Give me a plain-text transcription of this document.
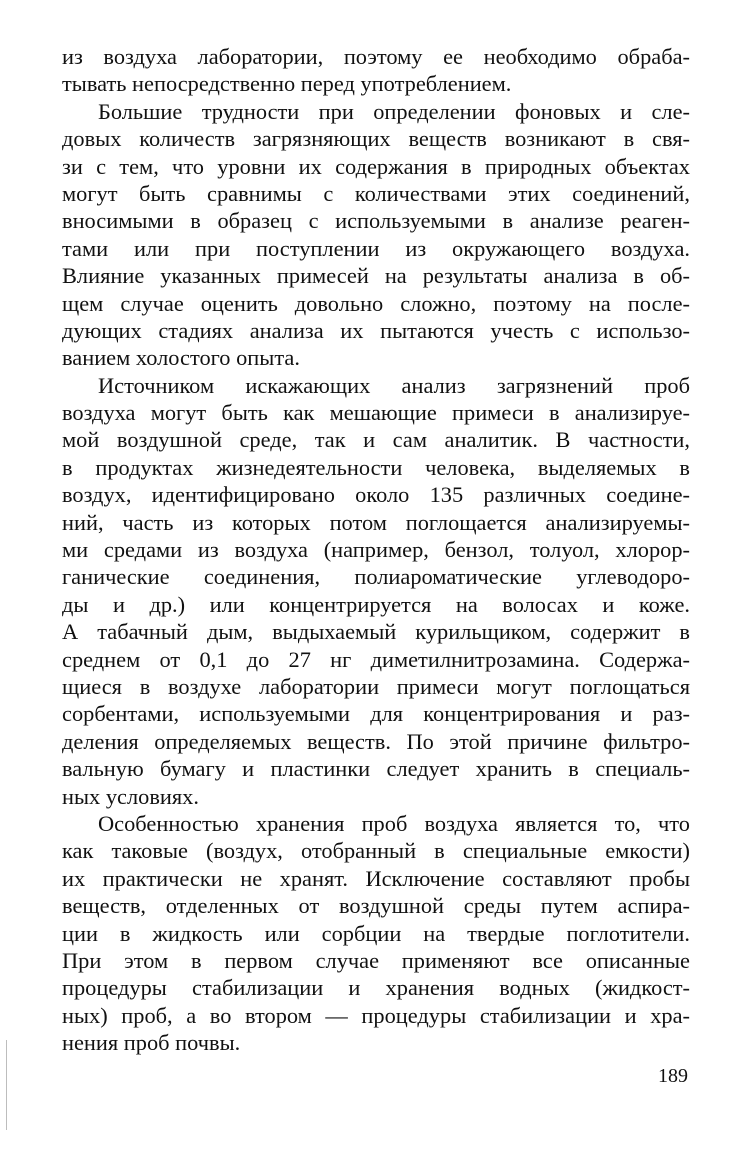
из воздуха лаборатории, поэтому ее необходимо обраба-
тывать непосредственно перед употреблением.
Большие трудности при определении фоновых и сле-
довых количеств загрязняющих веществ возникают в свя-
зи с тем, что уровни их содержания в природных объектах
могут быть сравнимы с количествами этих соединений,
вносимыми в образец с используемыми в анализе реаген-
тами или при поступлении из окружающего воздуха.
Влияние указанных примесей на результаты анализа в об-
щем случае оценить довольно сложно, поэтому на после-
дующих стадиях анализа их пытаются учесть с использо-
ванием холостого опыта.
Источником искажающих анализ загрязнений проб
воздуха могут быть как мешающие примеси в анализируе-
мой воздушной среде, так и сам аналитик. В частности,
в продуктах жизнедеятельности человека, выделяемых в
воздух, идентифицировано около 135 различных соедине-
ний, часть из которых потом поглощается анализируемы-
ми средами из воздуха (например, бензол, толуол, хлорор-
ганические соединения, полиароматические углеводоро-
ды и др.) или концентрируется на волосах и коже.
А табачный дым, выдыхаемый курильщиком, содержит в
среднем от 0,1 до 27 нг диметилнитрозамина. Содержа-
щиеся в воздухе лаборатории примеси могут поглощаться
сорбентами, используемыми для концентрирования и раз-
деления определяемых веществ. По этой причине фильтро-
вальную бумагу и пластинки следует хранить в специаль-
ных условиях.
Особенностью хранения проб воздуха является то, что
как таковые (воздух, отобранный в специальные емкости)
их практически не хранят. Исключение составляют пробы
веществ, отделенных от воздушной среды путем аспира-
ции в жидкость или сорбции на твердые поглотители.
При этом в первом случае применяют все описанные
процедуры стабилизации и хранения водных (жидкост-
ных) проб, а во втором — процедуры стабилизации и хра-
нения проб почвы.
189
